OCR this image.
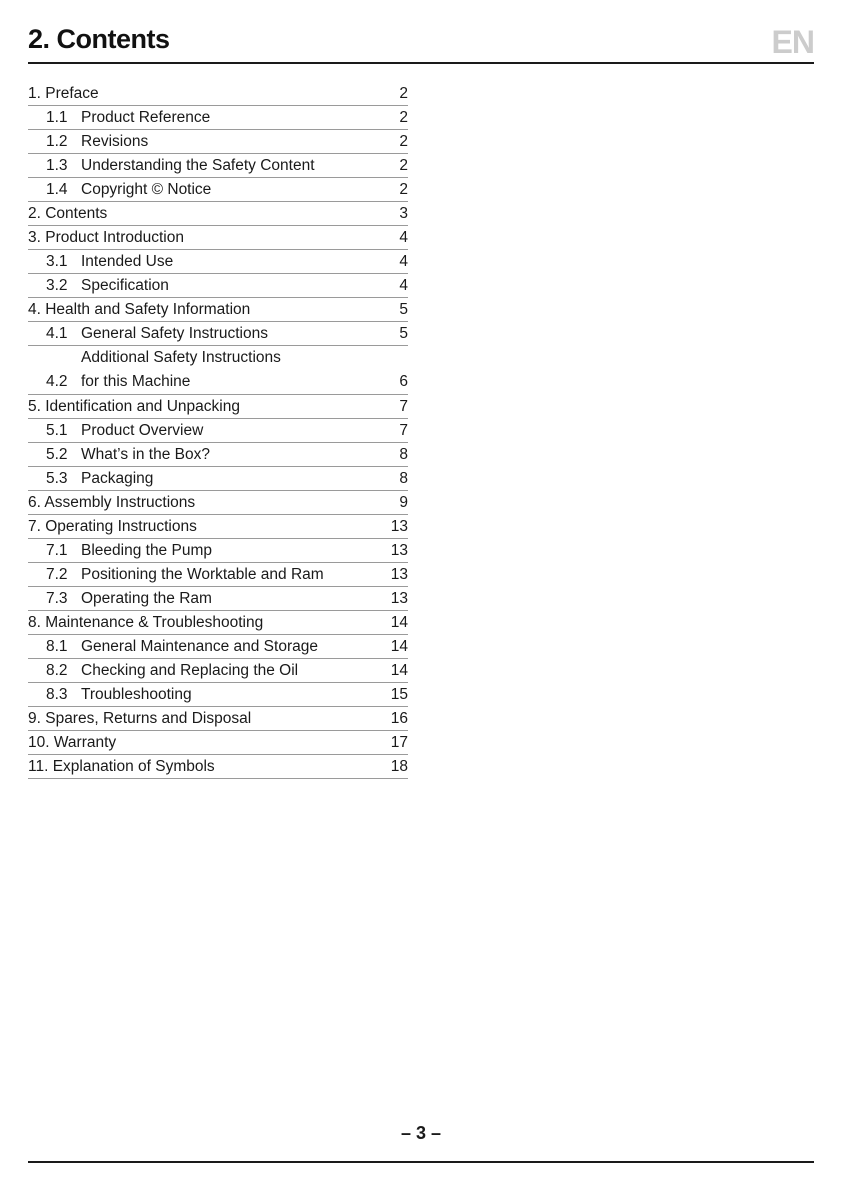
2. Contents	EN
1. Preface	2
1.1 Product Reference	2
1.2 Revisions	2
1.3 Understanding the Safety Content	2
1.4 Copyright © Notice	2
2. Contents	3
3. Product Introduction	4
3.1 Intended Use	4
3.2 Specification	4
4. Health and Safety Information	5
4.1 General Safety Instructions	5
4.2
Additional Safety Instructions
for this Machine	6
5. Identification and Unpacking	7
5.1 Product Overview	7
5.2 What’s in the Box?	8
5.3 Packaging	8
6. Assembly Instructions	9
7. Operating Instructions	13
7.1 Bleeding the Pump	13
7.2 Positioning the Worktable and Ram	13
7.3 Operating the Ram	13
8. Maintenance & Troubleshooting	14
8.1 General Maintenance and Storage	14
8.2 Checking and Replacing the Oil	14
8.3 Troubleshooting	15
9. Spares, Returns and Disposal	16
10. Warranty	17
11. Explanation of Symbols	18
– 3 –
